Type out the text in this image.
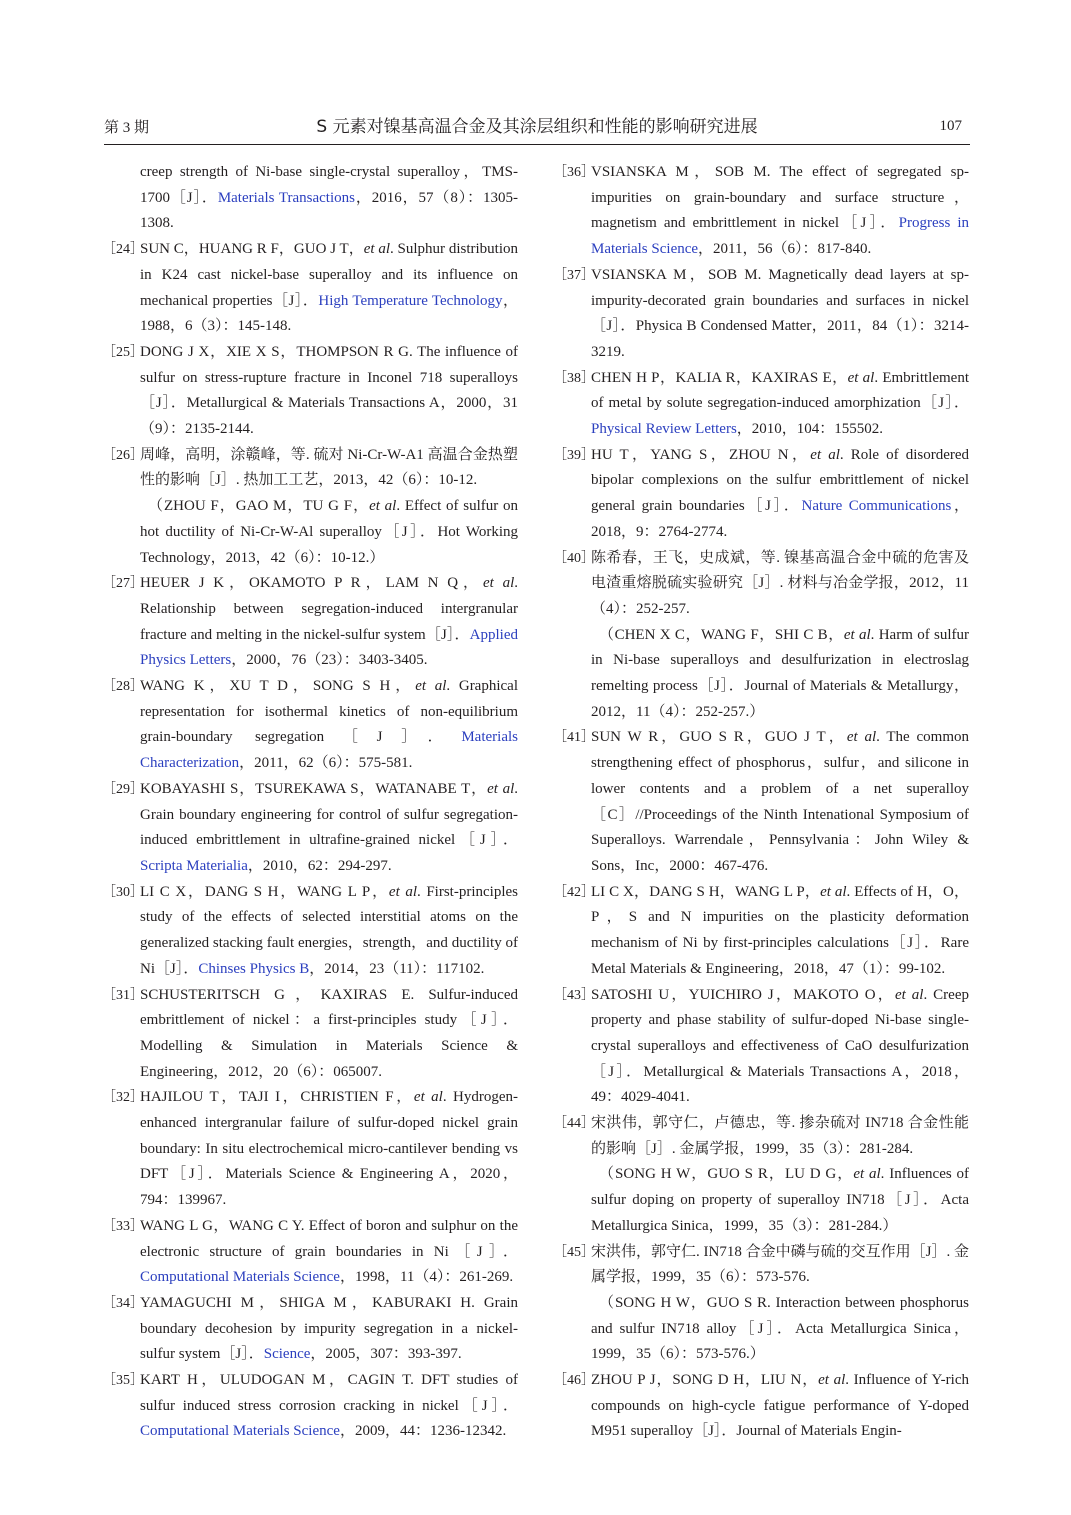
第 3 期	S 元素对镍基高温合金及其涂层组织和性能的影响研究进展	107
creep strength of Ni-base single-crystal superalloy，TMS-1700［J］．Materials Transactions，2016，57（8）：1305-1308.
［24］
SUN C，HUANG R F，GUO J T，et al. Sulphur distribution in K24 cast nickel-base superalloy and its influence on mechanical properties［J］．High Temperature Technology，1988，6（3）：145-148.
［25］
DONG J X，XIE X S，THOMPSON R G. The influence of sulfur on stress-rupture fracture in Inconel 718 superalloys［J］．Metallurgical & Materials Transactions A，2000，31（9）：2135-2144.
［26］
周峰，高明，涂赣峰，等. 硫对 Ni-Cr-W-A1 高温合金热塑性的影响［J］. 热加工工艺，2013，42（6）：10-12.
（ZHOU F，GAO M，TU G F，et al. Effect of sulfur on hot ductility of Ni-Cr-W-Al superalloy［J］．Hot Working Technology，2013，42（6）：10-12.）
［27］
HEUER J K，OKAMOTO P R，LAM N Q，et al. Relationship between segregation-induced intergranular fracture and melting in the nickel-sulfur system［J］．Applied Physics Letters，2000，76（23）：3403-3405.
［28］
WANG K，XU T D，SONG S H，et al. Graphical representation for isothermal kinetics of non-equilibrium grain-boundary segregation［J］．Materials Characterization，2011，62（6）：575-581.
［29］
KOBAYASHI S，TSUREKAWA S，WATANABE T，et al. Grain boundary engineering for control of sulfur segregation-induced embrittlement in ultrafine-grained nickel［J］．Scripta Materialia，2010，62：294-297.
［30］
LI C X，DANG S H，WANG L P，et al. First-principles study of the effects of selected interstitial atoms on the generalized stacking fault energies，strength，and ductility of Ni［J］．Chinses Physics B，2014，23（11）：117102.
［31］
SCHUSTERITSCH G，KAXIRAS E. Sulfur-induced embrittlement of nickel：a first-principles study［J］．Modelling & Simulation in Materials Science & Engineering，2012，20（6）：065007.
［32］
HAJILOU T，TAJI I，CHRISTIEN F，et al. Hydrogen-enhanced intergranular failure of sulfur-doped nickel grain boundary: In situ electrochemical micro-cantilever bending vs DFT［J］．Materials Science & Engineering A，2020，794：139967.
［33］
WANG L G，WANG C Y. Effect of boron and sulphur on the electronic structure of grain boundaries in Ni［J］．Computational Materials Science，1998，11（4）：261-269.
［34］
YAMAGUCHI M，SHIGA M，KABURAKI H. Grain boundary decohesion by impurity segregation in a nickel-sulfur system［J］．Science，2005，307：393-397.
［35］
KART H，ULUDOGAN M，CAGIN T. DFT studies of sulfur induced stress corrosion cracking in nickel［J］．Computational Materials Science，2009，44：1236-12342.
［36］
VSIANSKA M，SOB M. The effect of segregated sp-impurities on grain-boundary and surface structure，magnetism and embrittlement in nickel［J］．Progress in Materials Science，2011，56（6）：817-840.
［37］
VSIANSKA M，SOB M. Magnetically dead layers at sp-impurity-decorated grain boundaries and surfaces in nickel［J］．Physica B Condensed Matter，2011，84（1）：3214-3219.
［38］
CHEN H P，KALIA R，KAXIRAS E，et al. Embrittlement of metal by solute segregation-induced amorphization［J］．Physical Review Letters，2010，104：155502.
［39］
HU T，YANG S，ZHOU N，et al. Role of disordered bipolar complexions on the sulfur embrittlement of nickel general grain boundaries［J］．Nature Communications，2018，9：2764-2774.
［40］
陈希春，王飞，史成斌，等. 镍基高温合金中硫的危害及电渣重熔脱硫实验研究［J］. 材料与冶金学报，2012，11（4）：252-257.
（CHEN X C，WANG F，SHI C B，et al. Harm of sulfur in Ni-base superalloys and desulfurization in electroslag remelting process［J］．Journal of Materials & Metallurgy，2012，11（4）：252-257.）
［41］
SUN W R，GUO S R，GUO J T，et al. The common strengthening effect of phosphorus，sulfur，and silicone in lower contents and a problem of a net superalloy［C］//Proceedings of the Ninth Intenational Symposium of Superalloys. Warrendale，Pennsylvania：John Wiley & Sons，Inc，2000：467-476.
［42］
LI C X，DANG S H，WANG L P，et al. Effects of H，O，P，S and N impurities on the plasticity deformation mechanism of Ni by first-principles calculations［J］．Rare Metal Materials & Engineering，2018，47（1）：99-102.
［43］
SATOSHI U，YUICHIRO J，MAKOTO O，et al. Creep property and phase stability of sulfur-doped Ni-base single-crystal superalloys and effectiveness of CaO desulfurization［J］．Metallurgical & Materials Transactions A，2018，49：4029-4041.
［44］
宋洪伟，郭守仁，卢德忠，等. 掺杂硫对 IN718 合金性能的影响［J］. 金属学报，1999，35（3）：281-284.
（SONG H W，GUO S R，LU D G，et al. Influences of sulfur doping on property of superalloy IN718［J］．Acta Metallurgica Sinica，1999，35（3）：281-284.）
［45］
宋洪伟，郭守仁. IN718 合金中磷与硫的交互作用［J］. 金属学报，1999，35（6）：573-576.
（SONG H W，GUO S R. Interaction between phosphorus and sulfur IN718 alloy［J］．Acta Metallurgica Sinica，1999，35（6）：573-576.）
［46］
ZHOU P J，SONG D H，LIU N，et al. Influence of Y-rich compounds on high-cycle fatigue performance of Y-doped M951 superalloy［J］．Journal of Materials Engin-
